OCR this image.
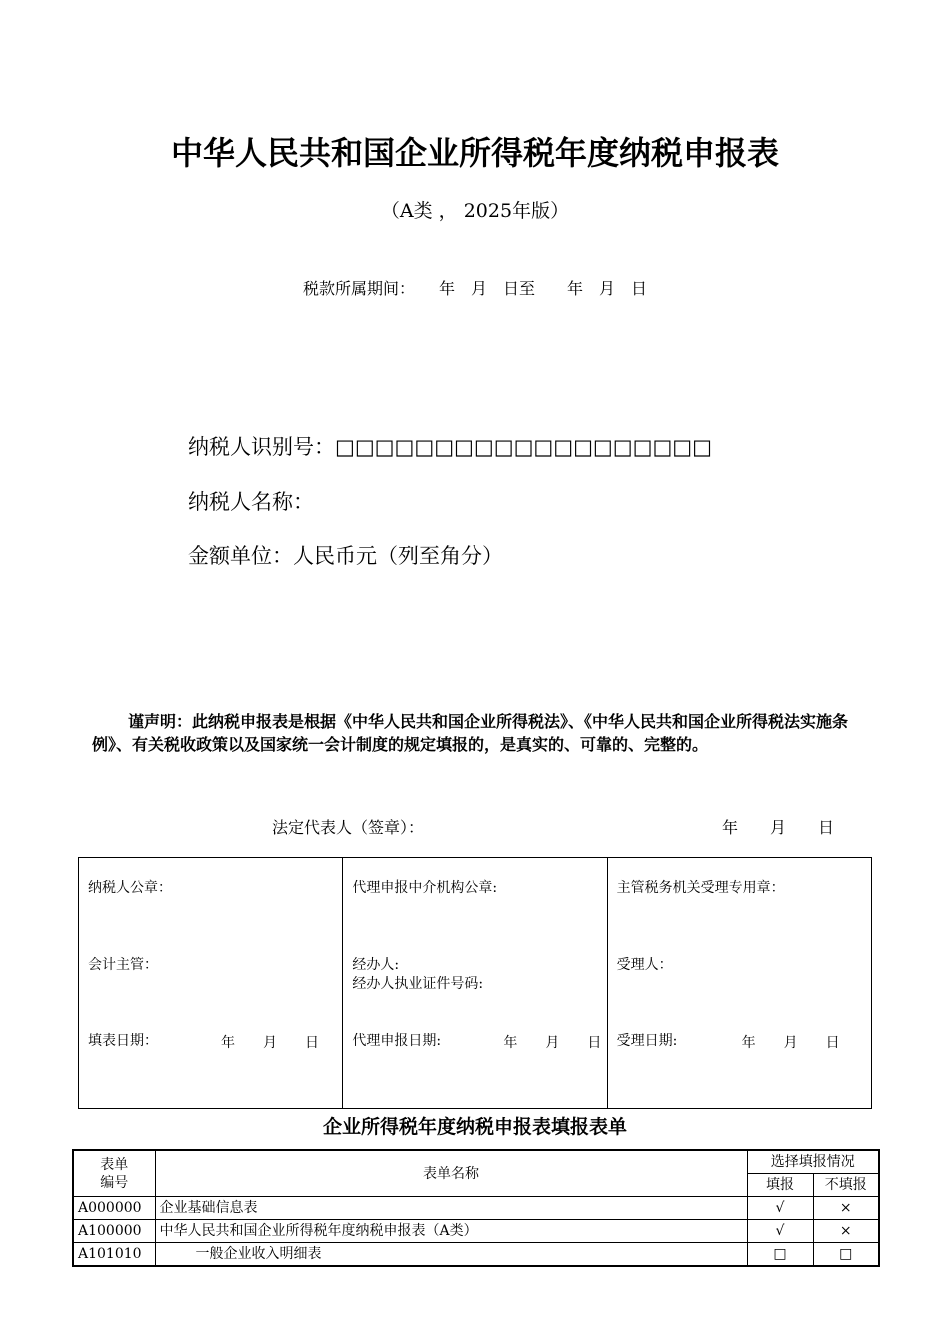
中华人民共和国企业所得税年度纳税申报表
（A类 ， 2025年版）
税款所属期间：　　年　月　日至　　年　月　日
纳税人识别号：□□□□□□□□□□□□□□□□□□□
纳税人名称：
金额单位：人民币元（列至角分）
谨声明：此纳税申报表是根据《中华人民共和国企业所得税法》、《中华人民共和国企业所得税法实施条例》、有关税收政策以及国家统一会计制度的规定填报的，是真实的、可靠的、完整的。
法定代表人（签章）：	年　　月　　日
纳税人公章：
会计主管：
填表日期：	年　　月　　日
代理申报中介机构公章:
经办人:
经办人执业证件号码:
代理申报日期:	年　　月　　日
主管税务机关受理专用章：
受理人：
受理日期:	年　　月　　日
企业所得税年度纳税申报表填报表单
表单
编号	表单名称	选择填报情况	
		填报	不填报
A000000	企业基础信息表	√	×
A100000	中华人民共和国企业所得税年度纳税申报表（A类）	√	×
A101010	一般企业收入明细表	□	□
